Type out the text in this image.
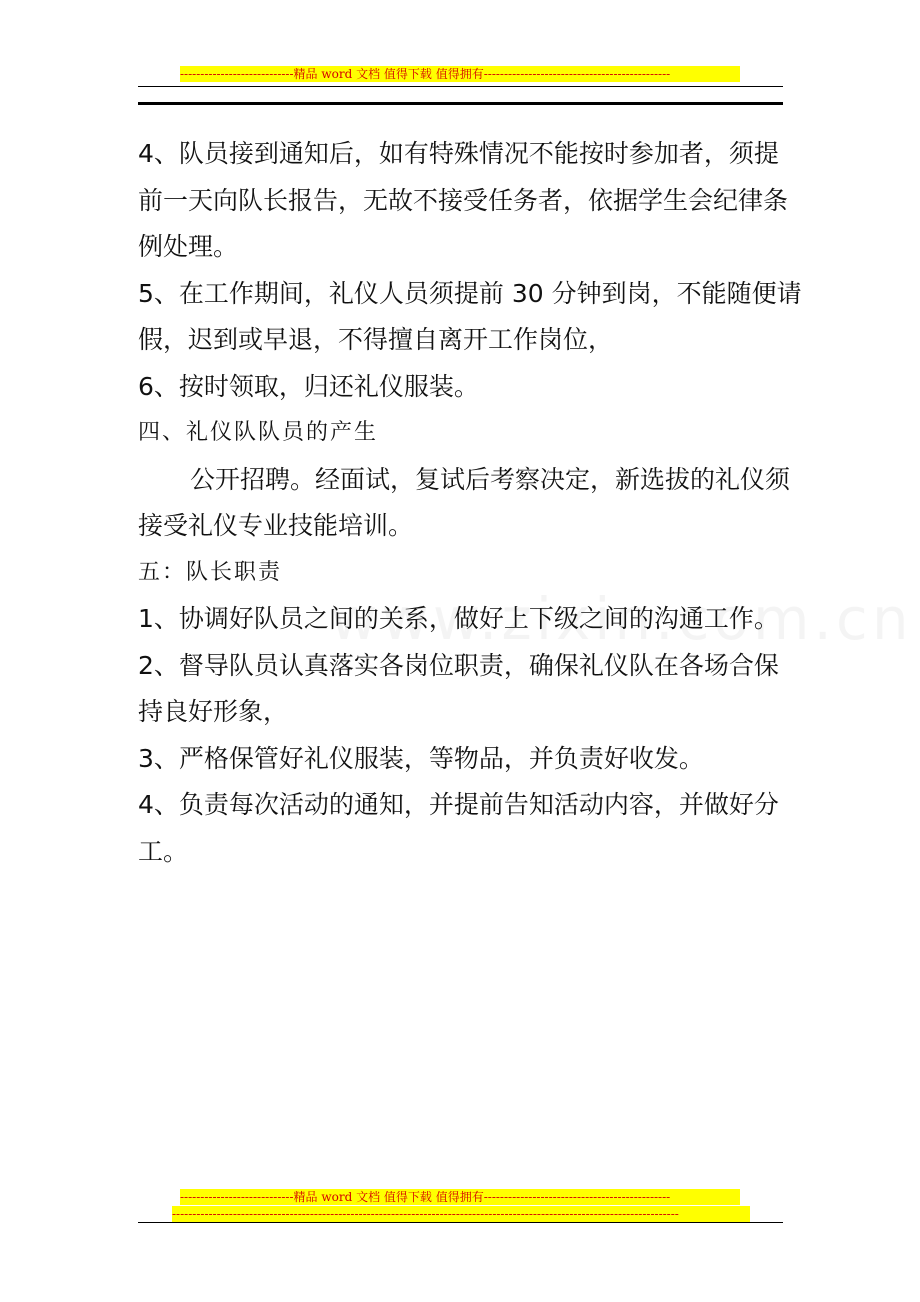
----------------------------精品 word 文档 值得下载 值得拥有----------------------------------------------
4、队员接到通知后，如有特殊情况不能按时参加者，须提
前一天向队长报告，无故不接受任务者，依据学生会纪律条
例处理。
5、在工作期间，礼仪人员须提前 30 分钟到岗，不能随便请
假，迟到或早退，不得擅自离开工作岗位，
6、按时领取，归还礼仪服装。
四、礼仪队队员的产生
公开招聘。经面试，复试后考察决定，新选拔的礼仪须
接受礼仪专业技能培训。
五：队长职责
1、协调好队员之间的关系，做好上下级之间的沟通工作。
2、督导队员认真落实各岗位职责，确保礼仪队在各场合保
持良好形象，
3、严格保管好礼仪服装，等物品，并负责好收发。
4、负责每次活动的通知，并提前告知活动内容，并做好分
工。
----------------------------精品 word 文档 值得下载 值得拥有----------------------------------------------
-----------------------------------------------------------------------------------------------------------------------------
